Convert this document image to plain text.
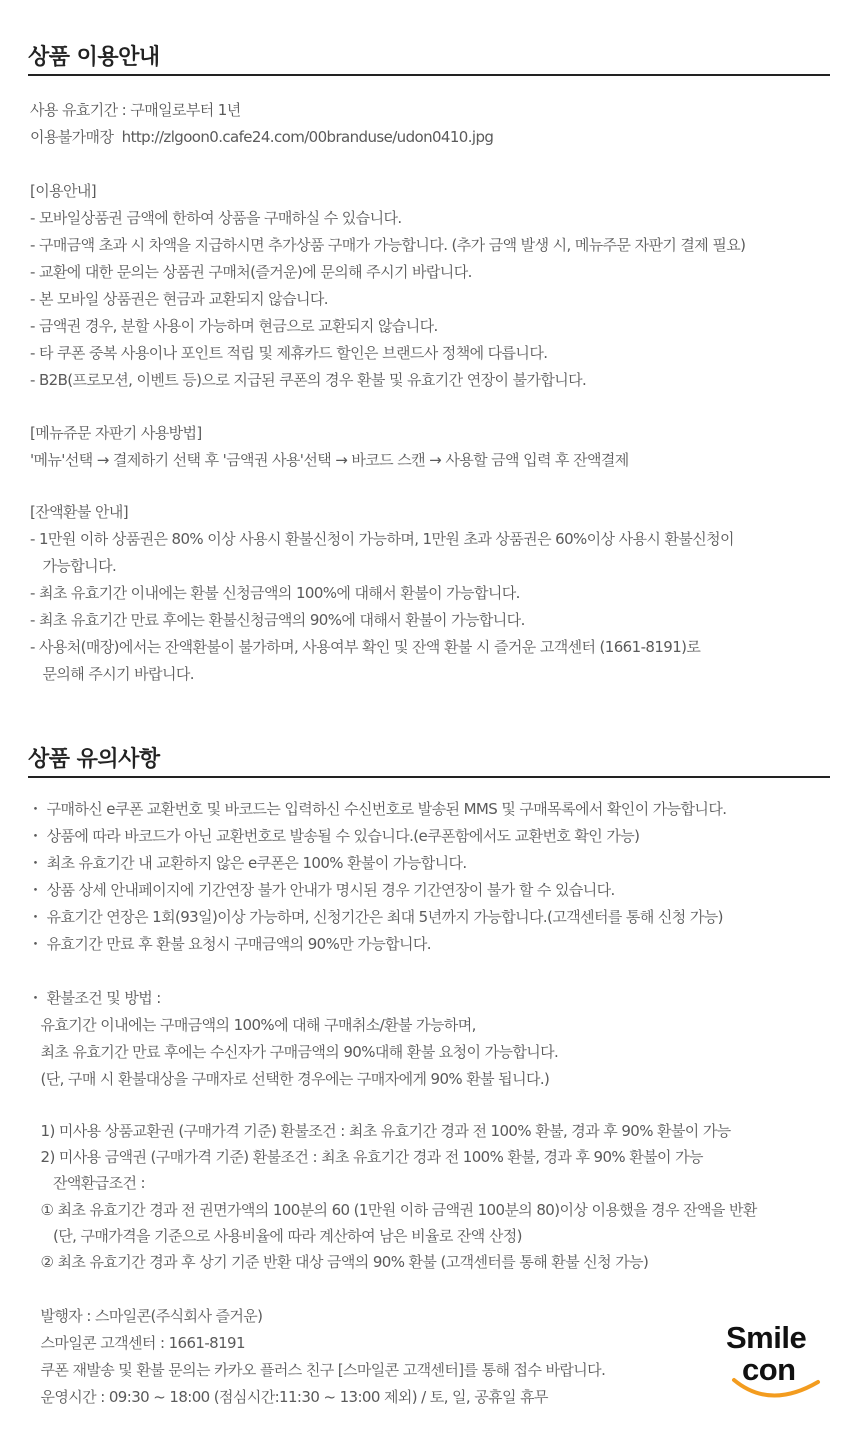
상품 이용안내
사용 유효기간 : 구매일로부터 1년
이용불가매장  http://zlgoon0.cafe24.com/00branduse/udon0410.jpg
[이용안내]
- 모바일상품권 금액에 한하여 상품을 구매하실 수 있습니다.
- 구매금액 초과 시 차액을 지급하시면 추가상품 구매가 가능합니다. (추가 금액 발생 시, 메뉴주문 자판기 결제 필요)
- 교환에 대한 문의는 상품권 구매처(즐거운)에 문의해 주시기 바랍니다.
- 본 모바일 상품권은 현금과 교환되지 않습니다.
- 금액권 경우, 분할 사용이 가능하며 현금으로 교환되지 않습니다.
- 타 쿠폰 중복 사용이나 포인트 적립 및 제휴카드 할인은 브랜드사 정책에 다릅니다.
- B2B(프로모션, 이벤트 등)으로 지급된 쿠폰의 경우 환불 및 유효기간 연장이 불가합니다.
[메뉴쥬문 자판기 사용방법]
'메뉴'선택 → 결제하기 선택 후 '금액권 사용'선택 → 바코드 스캔 → 사용할 금액 입력 후 잔액결제
[잔액환불 안내]
- 1만원 이하 상품권은 80% 이상 사용시 환불신청이 가능하며, 1만원 초과 상품권은 60%이상 사용시 환불신청이
가능합니다.
- 최초 유효기간 이내에는 환불 신청금액의 100%에 대해서 환불이 가능합니다.
- 최초 유효기간 만료 후에는 환불신청금액의 90%에 대해서 환불이 가능합니다.
- 사용처(매장)에서는 잔액환불이 불가하며, 사용여부 확인 및 잔액 환불 시 즐거운 고객센터 (1661-8191)로
문의해 주시기 바랍니다.
상품 유의사항
・ 구매하신 e쿠폰 교환번호 및 바코드는 입력하신 수신번호로 발송된 MMS 및 구매목록에서 확인이 가능합니다.
・ 상품에 따라 바코드가 아닌 교환번호로 발송될 수 있습니다.(e쿠폰함에서도 교환번호 확인 가능)
・ 최초 유효기간 내 교환하지 않은 e쿠폰은 100% 환불이 가능합니다.
・ 상품 상세 안내페이지에 기간연장 불가 안내가 명시된 경우 기간연장이 불가 할 수 있습니다.
・ 유효기간 연장은 1회(93일)이상 가능하며, 신청기간은 최대 5년까지 가능합니다.(고객센터를 통해 신청 가능)
・ 유효기간 만료 후 환불 요청시 구매금액의 90%만 가능합니다.
・ 환불조건 및 방법 :
유효기간 이내에는 구매금액의 100%에 대해 구매취소/환불 가능하며,
최초 유효기간 만료 후에는 수신자가 구매금액의 90%대해 환불 요청이 가능합니다.
(단, 구매 시 환불대상을 구매자로 선택한 경우에는 구매자에게 90% 환불 됩니다.)
1) 미사용 상품교환권 (구매가격 기준) 환불조건 : 최초 유효기간 경과 전 100% 환불, 경과 후 90% 환불이 가능
2) 미사용 금액권 (구매가격 기준) 환불조건 : 최초 유효기간 경과 전 100% 환불, 경과 후 90% 환불이 가능
잔액환급조건 :
① 최초 유효기간 경과 전 권면가액의 100분의 60 (1만원 이하 금액권 100분의 80)이상 이용했을 경우 잔액을 반환
(단, 구매가격을 기준으로 사용비율에 따라 계산하여 남은 비율로 잔액 산정)
② 최초 유효기간 경과 후 상기 기준 반환 대상 금액의 90% 환불 (고객센터를 통해 환불 신청 가능)
발행자 : 스마일콘(주식회사 즐거운)
스마일콘 고객센터 : 1661-8191
쿠폰 재발송 및 환불 문의는 카카오 플러스 친구 [스마일콘 고객센터]를 통해 접수 바랍니다.
운영시간 : 09:30 ~ 18:00 (점심시간:11:30 ~ 13:00 제외) / 토, 일, 공휴일 휴무
Smile
con
